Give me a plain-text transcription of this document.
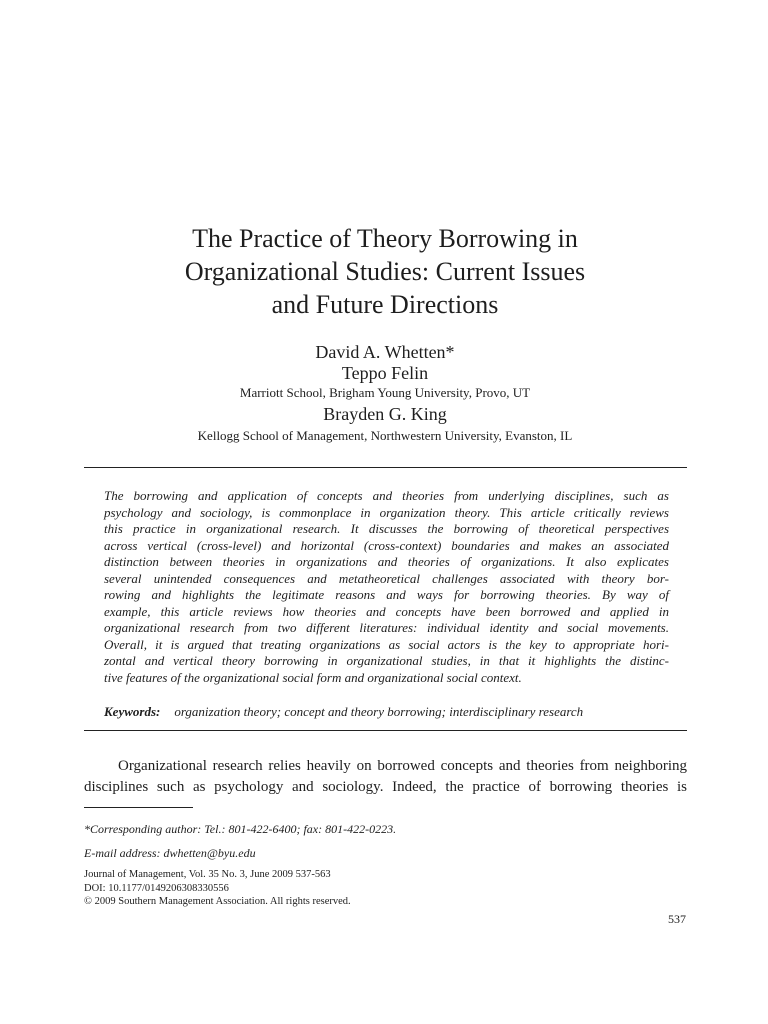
The Practice of Theory Borrowing in
Organizational Studies: Current Issues
and Future Directions
David A. Whetten*
Teppo Felin
Marriott School, Brigham Young University, Provo, UT
Brayden G. King
Kellogg School of Management, Northwestern University, Evanston, IL

The borrowing and application of concepts and theories from underlying disciplines, such as
psychology and sociology, is commonplace in organization theory. This article critically reviews
this practice in organizational research. It discusses the borrowing of theoretical perspectives
across vertical (cross-level) and horizontal (cross-context) boundaries and makes an associated
distinction between theories in organizations and theories of organizations. It also explicates
several unintended consequences and metatheoretical challenges associated with theory bor-
rowing and highlights the legitimate reasons and ways for borrowing theories. By way of
example, this article reviews how theories and concepts have been borrowed and applied in
organizational research from two different literatures: individual identity and social movements.
Overall, it is argued that treating organizations as social actors is the key to appropriate hori-
zontal and vertical theory borrowing in organizational studies, in that it highlights the distinc-
tive features of the organizational social form and organizational social context.

Keywords: organization theory; concept and theory borrowing; interdisciplinary research

Organizational research relies heavily on borrowed concepts and theories from neighboring
disciplines such as psychology and sociology. Indeed, the practice of borrowing theories is

*Corresponding author: Tel.: 801-422-6400; fax: 801-422-0223.
E-mail address: dwhetten@byu.edu
Journal of Management, Vol. 35 No. 3, June 2009 537-563
DOI: 10.1177/0149206308330556
© 2009 Southern Management Association. All rights reserved.
537
